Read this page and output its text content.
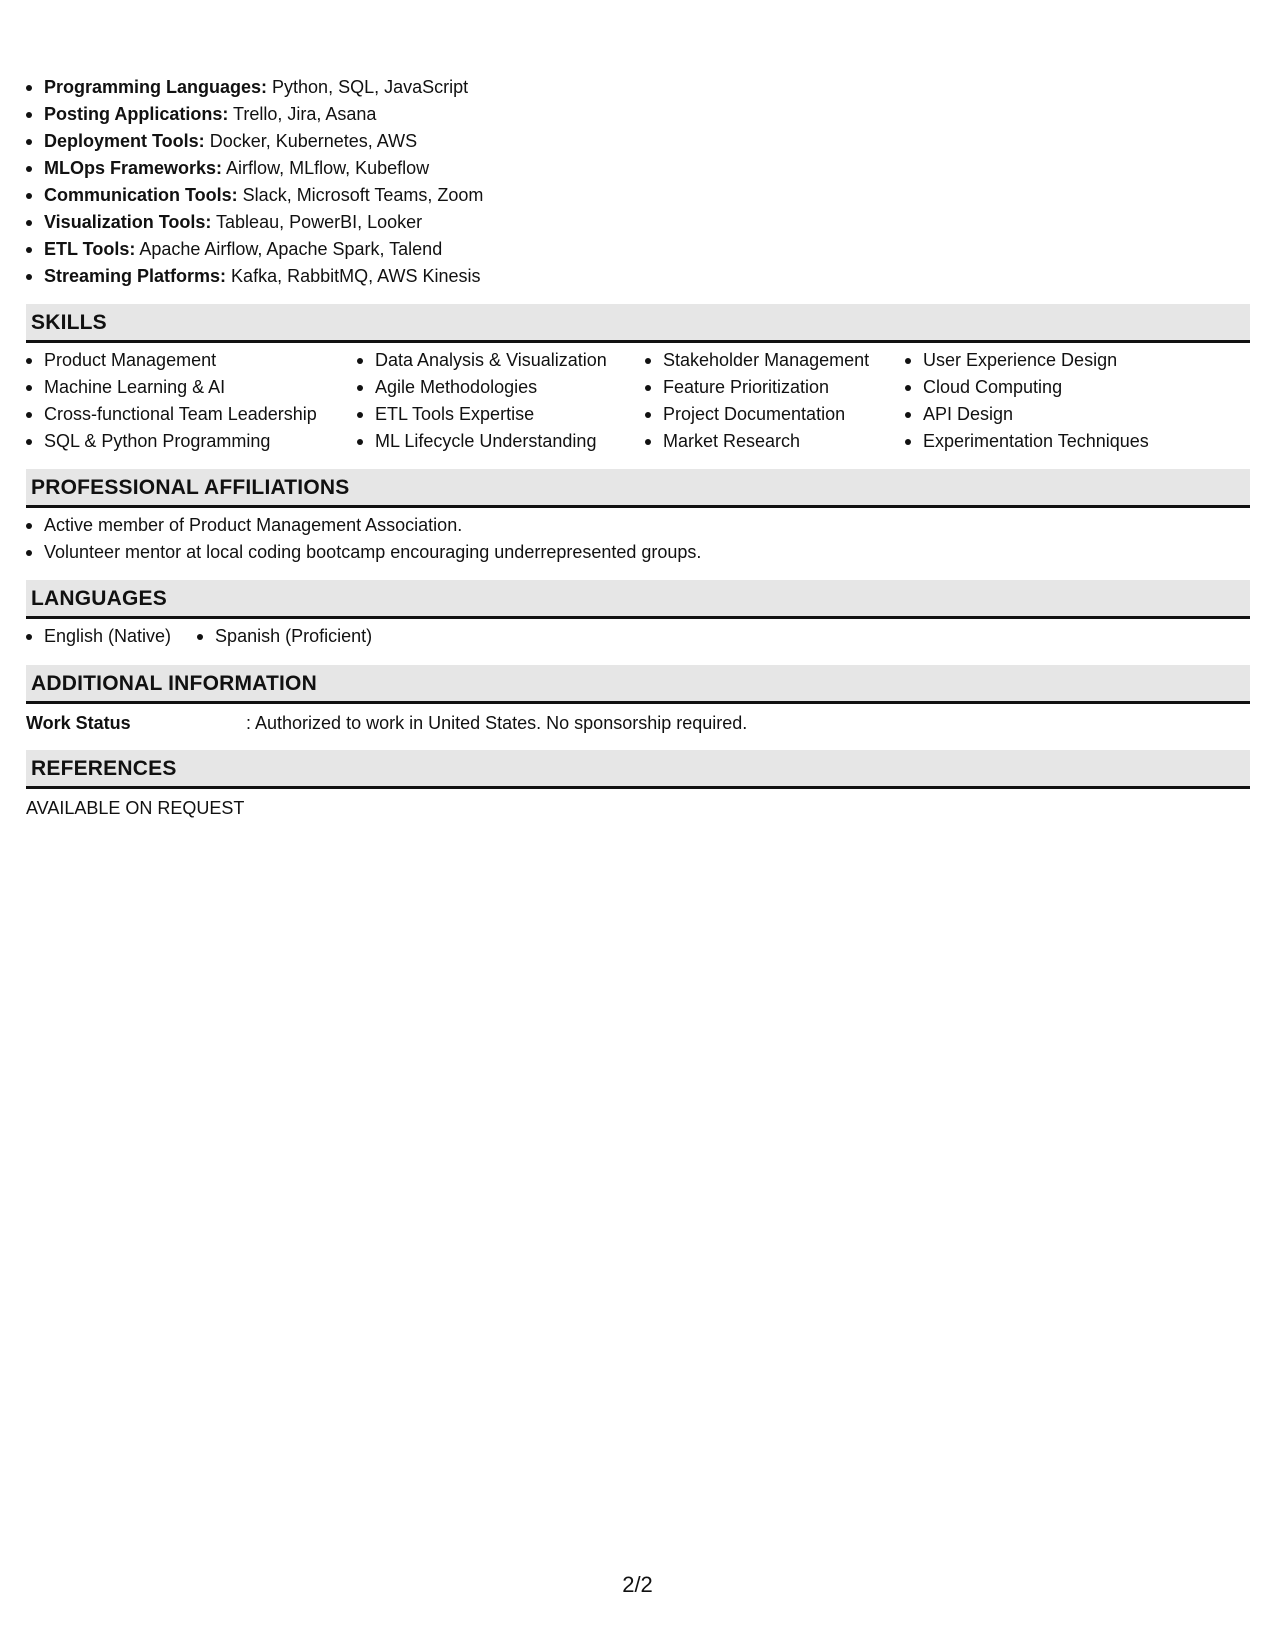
Programming Languages: Python, SQL, JavaScript
Posting Applications: Trello, Jira, Asana
Deployment Tools: Docker, Kubernetes, AWS
MLOps Frameworks: Airflow, MLflow, Kubeflow
Communication Tools: Slack, Microsoft Teams, Zoom
Visualization Tools: Tableau, PowerBI, Looker
ETL Tools: Apache Airflow, Apache Spark, Talend
Streaming Platforms: Kafka, RabbitMQ, AWS Kinesis
SKILLS
Product Management
Machine Learning & AI
Cross-functional Team Leadership
SQL & Python Programming
Data Analysis & Visualization
Agile Methodologies
ETL Tools Expertise
ML Lifecycle Understanding
Stakeholder Management
Feature Prioritization
Project Documentation
Market Research
User Experience Design
Cloud Computing
API Design
Experimentation Techniques
PROFESSIONAL AFFILIATIONS
Active member of Product Management Association.
Volunteer mentor at local coding bootcamp encouraging underrepresented groups.
LANGUAGES
English (Native)	Spanish (Proficient)
ADDITIONAL INFORMATION
Work Status	: Authorized to work in United States. No sponsorship required.
REFERENCES
AVAILABLE ON REQUEST
2/2
